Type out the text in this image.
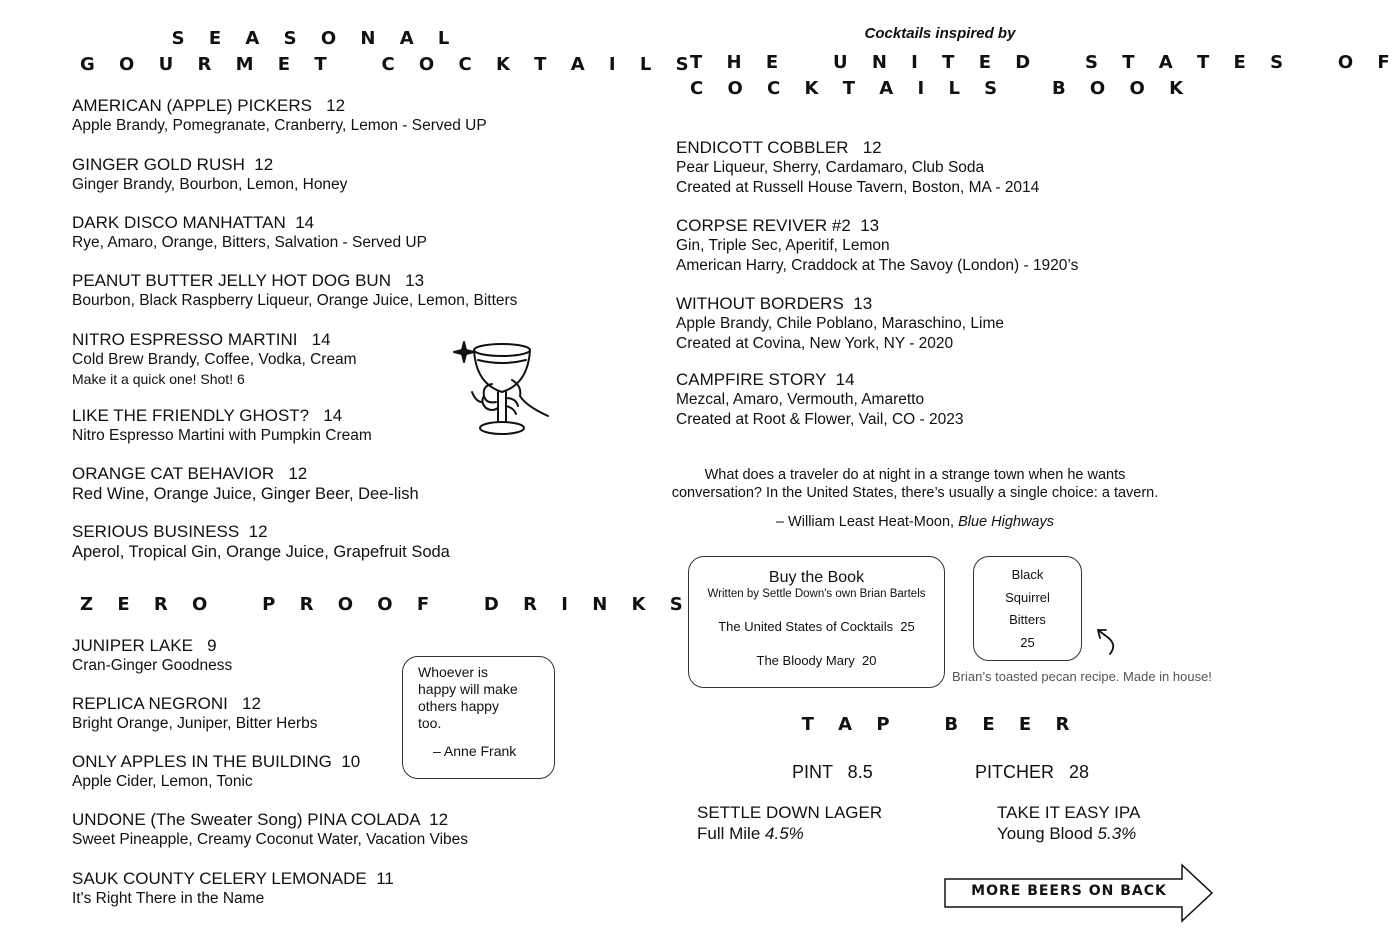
S E A S O N A L
G O U R M E T   C O C K T A I L S
AMERICAN (APPLE) PICKERS   12
Apple Brandy, Pomegranate, Cranberry, Lemon - Served UP
GINGER GOLD RUSH  12
Ginger Brandy, Bourbon, Lemon, Honey
DARK DISCO MANHATTAN  14
Rye, Amaro, Orange, Bitters, Salvation - Served UP
PEANUT BUTTER JELLY HOT DOG BUN   13
Bourbon, Black Raspberry Liqueur, Orange Juice, Lemon, Bitters
NITRO ESPRESSO MARTINI   14
Cold Brew Brandy, Coffee, Vodka, Cream
Make it a quick one! Shot! 6
LIKE THE FRIENDLY GHOST?   14
Nitro Espresso Martini with Pumpkin Cream
ORANGE CAT BEHAVIOR   12
Red Wine, Orange Juice, Ginger Beer, Dee-lish
SERIOUS BUSINESS  12
Aperol, Tropical Gin, Orange Juice, Grapefruit Soda
Z E R O   P R O O F   D R I N K S
JUNIPER LAKE   9
Cran-Ginger Goodness
REPLICA NEGRONI   12
Bright Orange, Juniper, Bitter Herbs
ONLY APPLES IN THE BUILDING  10
Apple Cider, Lemon, Tonic
UNDONE (The Sweater Song) PINA COLADA  12
Sweet Pineapple, Creamy Coconut Water, Vacation Vibes
SAUK COUNTY CELERY LEMONADE  11
It's Right There in the Name
Whoever is happy will make others happy too.
– Anne Frank
Cocktails inspired by
T H E   U N I T E D   S T A T E S   O F
C O C K T A I L S   B O O K
ENDICOTT COBBLER   12
Pear Liqueur, Sherry, Cardamaro, Club Soda
Created at Russell House Tavern, Boston, MA - 2014
CORPSE REVIVER #2  13
Gin, Triple Sec, Aperitif, Lemon
American Harry, Craddock at The Savoy (London) - 1920’s
WITHOUT BORDERS  13
Apple Brandy, Chile Poblano, Maraschino, Lime
Created at Covina, New York, NY - 2020
CAMPFIRE STORY  14
Mezcal, Amaro, Vermouth, Amaretto
Created at Root & Flower, Vail, CO - 2023
What does a traveler do at night in a strange town when he wants
conversation? In the United States, there’s usually a single choice: a tavern.
– William Least Heat-Moon, Blue Highways
Buy the Book
Written by Settle Down's own Brian Bartels
The United States of Cocktails  25
The Bloody Mary  20
Black
Squirrel
Bitters
25
Brian’s toasted pecan recipe. Made in house!
T A P   B E E R
PINT   8.5	PITCHER   28
SETTLE DOWN LAGER
Full Mile 4.5%
TAKE IT EASY IPA
Young Blood 5.3%
MORE BEERS ON BACK
